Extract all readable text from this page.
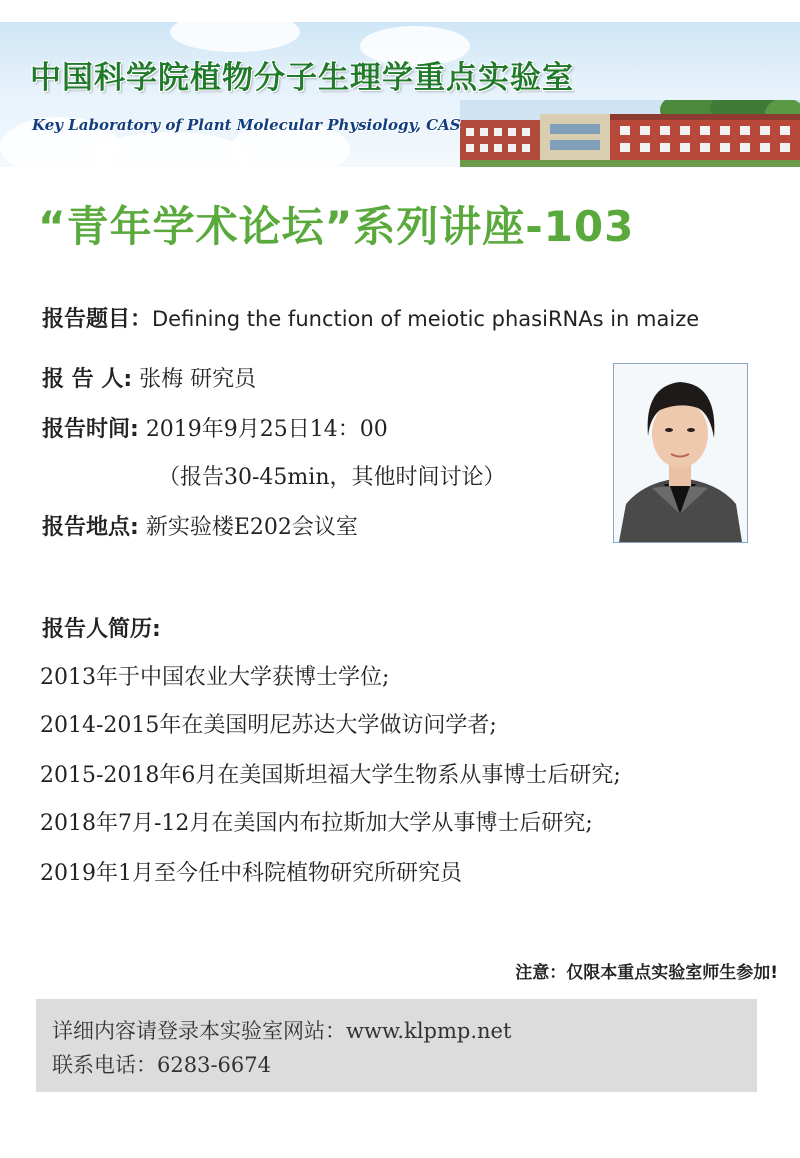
中国科学院植物分子生理学重点实验室
Key Laboratory of Plant Molecular Physiology, CAS
“青年学术论坛”系列讲座-103
报告题目：Defining the function of meiotic phasiRNAs in maize
报 告 人: 张梅 研究员
报告时间: 2019年9月25日14：00
（报告30-45min，其他时间讨论）
报告地点: 新实验楼E202会议室
报告人简历:
2013年于中国农业大学获博士学位;
2014-2015年在美国明尼苏达大学做访问学者;
2015-2018年6月在美国斯坦福大学生物系从事博士后研究;
2018年7月-12月在美国内布拉斯加大学从事博士后研究;
2019年1月至今任中科院植物研究所研究员
注意：仅限本重点实验室师生参加!
详细内容请登录本实验室网站：www.klpmp.net
联系电话：6283-6674
